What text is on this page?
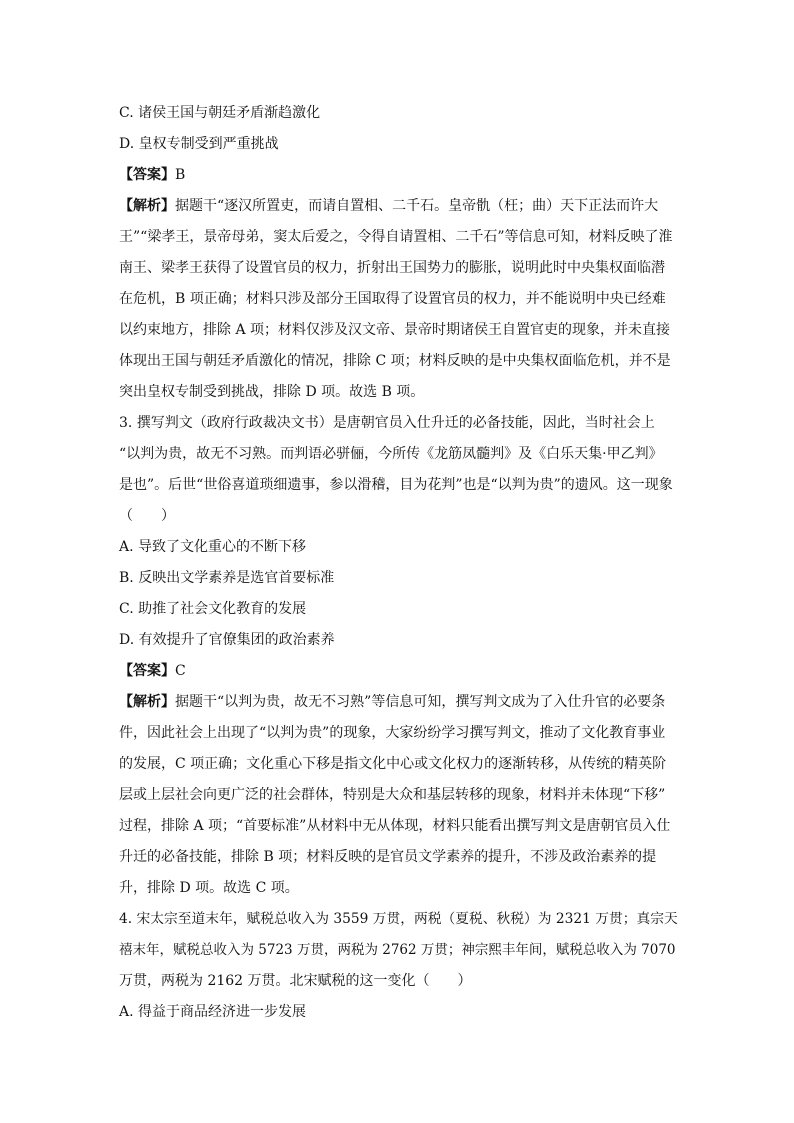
C. 诸侯王国与朝廷矛盾渐趋激化
D. 皇权专制受到严重挑战
【答案】B
【解析】据题干“逐汉所置吏，而请自置相、二千石。皇帝骩（枉；曲）天下正法而许大
王”“梁孝王，景帝母弟，窦太后爱之，令得自请置相、二千石”等信息可知，材料反映了淮
南王、梁孝王获得了设置官员的权力，折射出王国势力的膨胀，说明此时中央集权面临潜
在危机，B 项正确；材料只涉及部分王国取得了设置官员的权力，并不能说明中央已经难
以约束地方，排除 A 项；材料仅涉及汉文帝、景帝时期诸侯王自置官吏的现象，并未直接
体现出王国与朝廷矛盾激化的情况，排除 C 项；材料反映的是中央集权面临危机，并不是
突出皇权专制受到挑战，排除 D 项。故选 B 项。
3. 撰写判文（政府行政裁决文书）是唐朝官员入仕升迁的必备技能，因此，当时社会上
“以判为贵，故无不习熟。而判语必骈俪，今所传《龙筋凤髓判》及《白乐天集·甲乙判》
是也”。后世“世俗喜道琐细遗事，参以滑稽，目为花判”也是“以判为贵”的遗风。这一现象
（　　）
A. 导致了文化重心的不断下移
B. 反映出文学素养是选官首要标准
C. 助推了社会文化教育的发展
D. 有效提升了官僚集团的政治素养
【答案】C
【解析】据题干“以判为贵，故无不习熟”等信息可知，撰写判文成为了入仕升官的必要条
件，因此社会上出现了“以判为贵”的现象，大家纷纷学习撰写判文，推动了文化教育事业
的发展，C 项正确；文化重心下移是指文化中心或文化权力的逐渐转移，从传统的精英阶
层或上层社会向更广泛的社会群体，特别是大众和基层转移的现象，材料并未体现“下移”
过程，排除 A 项；“首要标准”从材料中无从体现，材料只能看出撰写判文是唐朝官员入仕
升迁的必备技能，排除 B 项；材料反映的是官员文学素养的提升，不涉及政治素养的提
升，排除 D 项。故选 C 项。
4. 宋太宗至道末年，赋税总收入为 3559 万贯，两税（夏税、秋税）为 2321 万贯；真宗天
禧末年，赋税总收入为 5723 万贯，两税为 2762 万贯；神宗熙丰年间，赋税总收入为 7070
万贯，两税为 2162 万贯。北宋赋税的这一变化（　　）
A. 得益于商品经济进一步发展
